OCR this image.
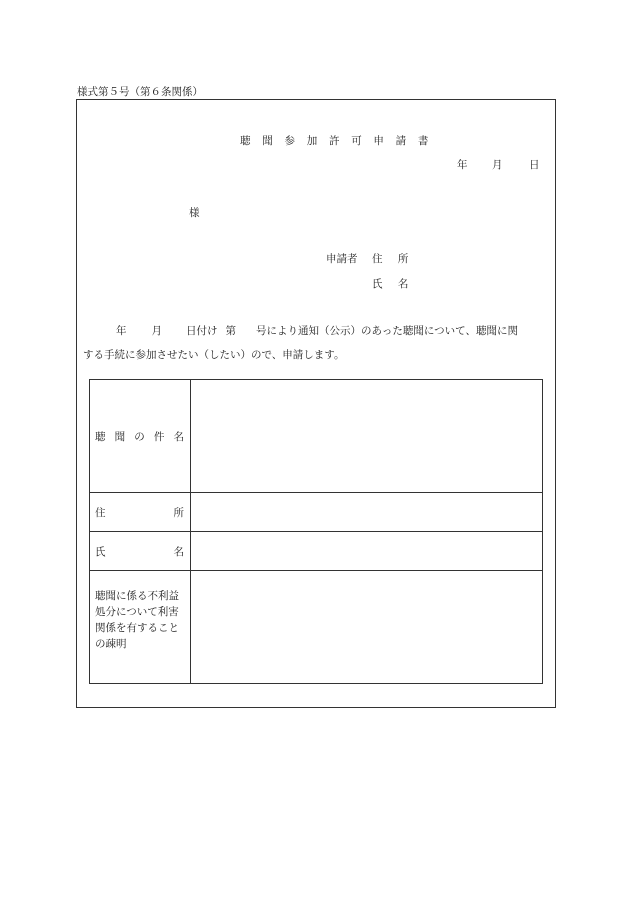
様式第５号（第６条関係）
聴 聞 参 加 許 可 申 請 書
年 月	日
様
申請者 住 所
氏 名
年 月 日付け 第 号により通知（公示）のあった聴聞について、聴聞に関
する手続に参加させたい（したい）ので、申請します。
聴 聞 の 件 名	

住 所	

氏 名	

聴聞に係る不利益処分について利害関係を有することの疎明	
